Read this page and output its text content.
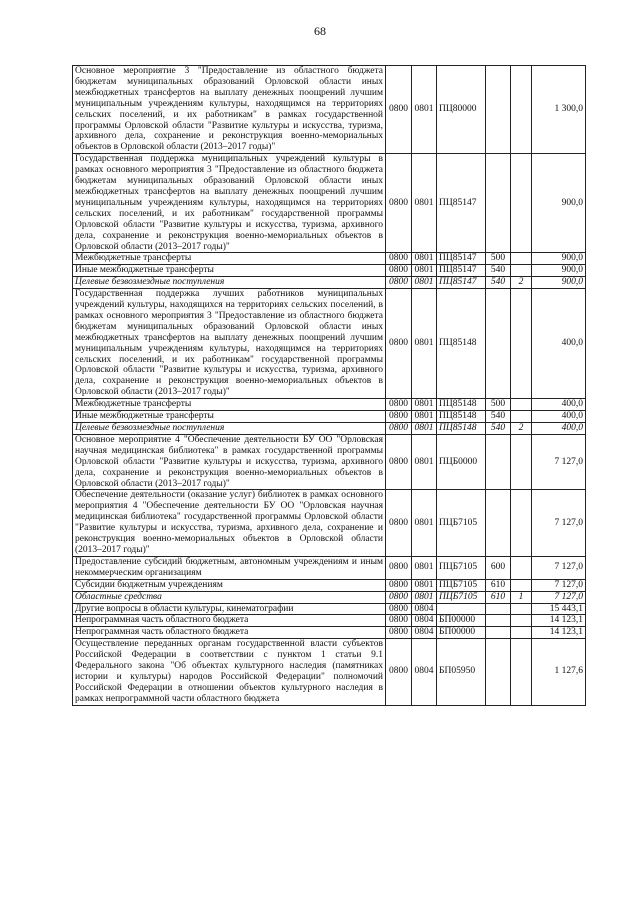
68
Основное мероприятие 3 "Предоставление из областного бюджета бюджетам муниципальных образований Орловской области иных межбюджетных трансфертов на выплату денежных поощрений лучшим муниципальным учреждениям культуры, находящимся на территориях сельских поселений, и их работникам" в рамках государственной программы Орловской области "Развитие культуры и искусства, туризма, архивного дела, сохранение и реконструкция военно-мемориальных объектов в Орловской области (2013–2017 годы)"	0800	0801	ПЦ80000			1 300,0
Государственная поддержка муниципальных учреждений культуры в рамках основного мероприятия 3 "Предоставление из областного бюджета бюджетам муниципальных образований Орловской области иных межбюджетных трансфертов на выплату денежных поощрений лучшим муниципальным учреждениям культуры, находящимся на территориях сельских поселений, и их работникам" государственной программы Орловской области "Развитие культуры и искусства, туризма, архивного дела, сохранение и реконструкция военно-мемориальных объектов в Орловской области (2013–2017 годы)"	0800	0801	ПЦ85147			900,0
Межбюджетные трансферты	0800	0801	ПЦ85147	500		900,0
Иные межбюджетные трансферты	0800	0801	ПЦ85147	540		900,0
Целевые безвозмездные поступления	0800	0801	ПЦ85147	540	2	900,0
Государственная поддержка лучших работников муниципальных учреждений культуры, находящихся на территориях сельских поселений, в рамках основного мероприятия 3 "Предоставление из областного бюджета бюджетам муниципальных образований Орловской области иных межбюджетных трансфертов на выплату денежных поощрений лучшим муниципальным учреждениям культуры, находящимся на территориях сельских поселений, и их работникам" государственной программы Орловской области "Развитие культуры и искусства, туризма, архивного дела, сохранение и реконструкция военно-мемориальных объектов в Орловской области (2013–2017 годы)"	0800	0801	ПЦ85148			400,0
Межбюджетные трансферты	0800	0801	ПЦ85148	500		400,0
Иные межбюджетные трансферты	0800	0801	ПЦ85148	540		400,0
Целевые безвозмездные поступления	0800	0801	ПЦ85148	540	2	400,0
Основное мероприятие 4 "Обеспечение деятельности БУ ОО "Орловская научная медицинская библиотека" в рамках государственной программы Орловской области "Развитие культуры и искусства, туризма, архивного дела, сохранение и реконструкция военно-мемориальных объектов в Орловской области (2013–2017 годы)"	0800	0801	ПЦБ0000			7 127,0
Обеспечение деятельности (оказание услуг) библиотек в рамках основного мероприятия 4 "Обеспечение деятельности БУ ОО "Орловская научная медицинская библиотека" государственной программы Орловской области "Развитие культуры и искусства, туризма, архивного дела, сохранение и реконструкция военно-мемориальных объектов в Орловской области (2013–2017 годы)"	0800	0801	ПЦБ7105			7 127,0
Предоставление субсидий бюджетным, автономным учреждениям и иным некоммерческим организациям	0800	0801	ПЦБ7105	600		7 127,0
Субсидии бюджетным учреждениям	0800	0801	ПЦБ7105	610		7 127,0
Областные средства	0800	0801	ПЦБ7105	610	1	7 127,0
Другие вопросы в области культуры, кинематографии	0800	0804				15 443,1
Непрограммная часть областного бюджета	0800	0804	БП00000			14 123,1
Непрограммная часть областного бюджета	0800	0804	БП00000			14 123,1
Осуществление переданных органам государственной власти субъектов Российской Федерации в соответствии с пунктом 1 статьи 9.1 Федерального закона "Об объектах культурного наследия (памятниках истории и культуры) народов Российской Федерации" полномочий Российской Федерации в отношении объектов культурного наследия в рамках непрограммной части областного бюджета	0800	0804	БП05950			1 127,6
